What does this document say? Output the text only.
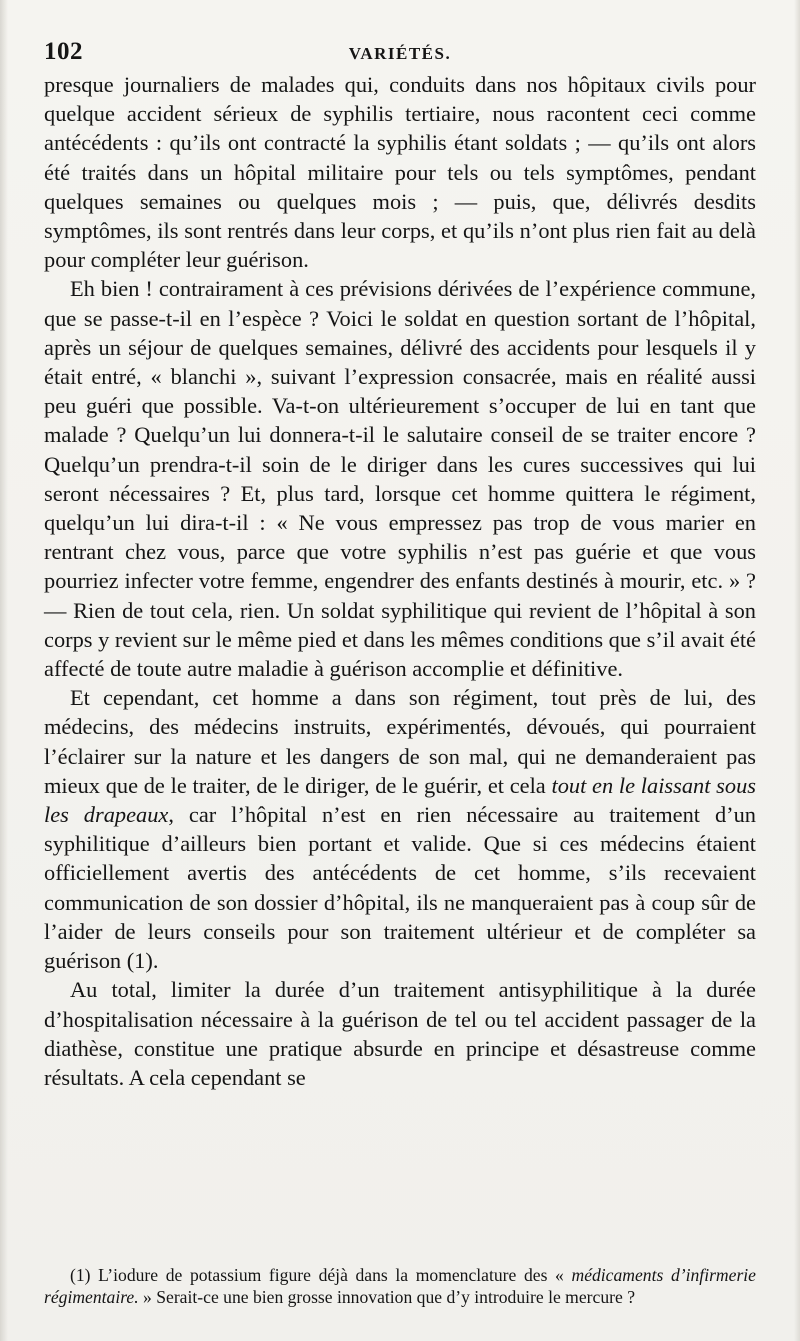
102	VARIÉTÉS.

presque journaliers de malades qui, conduits dans nos hôpitaux civils pour quelque accident sérieux de syphilis tertiaire, nous racontent ceci comme antécédents : qu’ils ont contracté la syphilis étant soldats ; — qu’ils ont alors été traités dans un hôpital militaire pour tels ou tels symptômes, pendant quelques semaines ou quelques mois ; — puis, que, délivrés desdits symptômes, ils sont rentrés dans leur corps, et qu’ils n’ont plus rien fait au delà pour compléter leur guérison.

Eh bien ! contrairament à ces prévisions dérivées de l’expérience commune, que se passe-t-il en l’espèce ? Voici le soldat en question sortant de l’hôpital, après un séjour de quelques semaines, délivré des accidents pour lesquels il y était entré, « blanchi », suivant l’expression consacrée, mais en réalité aussi peu guéri que possible. Va-t-on ultérieurement s’occuper de lui en tant que malade ? Quelqu’un lui donnera-t-il le salutaire conseil de se traiter encore ? Quelqu’un prendra-t-il soin de le diriger dans les cures successives qui lui seront nécessaires ? Et, plus tard, lorsque cet homme quittera le régiment, quelqu’un lui dira-t-il : « Ne vous empressez pas trop de vous marier en rentrant chez vous, parce que votre syphilis n’est pas guérie et que vous pourriez infecter votre femme, engendrer des enfants destinés à mourir, etc. » ? — Rien de tout cela, rien. Un soldat syphilitique qui revient de l’hôpital à son corps y revient sur le même pied et dans les mêmes conditions que s’il avait été affecté de toute autre maladie à guérison accomplie et définitive.

Et cependant, cet homme a dans son régiment, tout près de lui, des médecins, des médecins instruits, expérimentés, dévoués, qui pourraient l’éclairer sur la nature et les dangers de son mal, qui ne demanderaient pas mieux que de le traiter, de le diriger, de le guérir, et cela tout en le laissant sous les drapeaux, car l’hôpital n’est en rien nécessaire au traitement d’un syphilitique d’ailleurs bien portant et valide. Que si ces médecins étaient officiellement avertis des antécédents de cet homme, s’ils recevaient communication de son dossier d’hôpital, ils ne manqueraient pas à coup sûr de l’aider de leurs conseils pour son traitement ultérieur et de compléter sa guérison (1).

Au total, limiter la durée d’un traitement antisyphilitique à la durée d’hospitalisation nécessaire à la guérison de tel ou tel accident passager de la diathèse, constitue une pratique absurde en principe et désastreuse comme résultats. A cela cependant se

(1) L’iodure de potassium figure déjà dans la momenclature des « médicaments d’infirmerie régimentaire. » Serait-ce une bien grosse innovation que d’y introduire le mercure ?
